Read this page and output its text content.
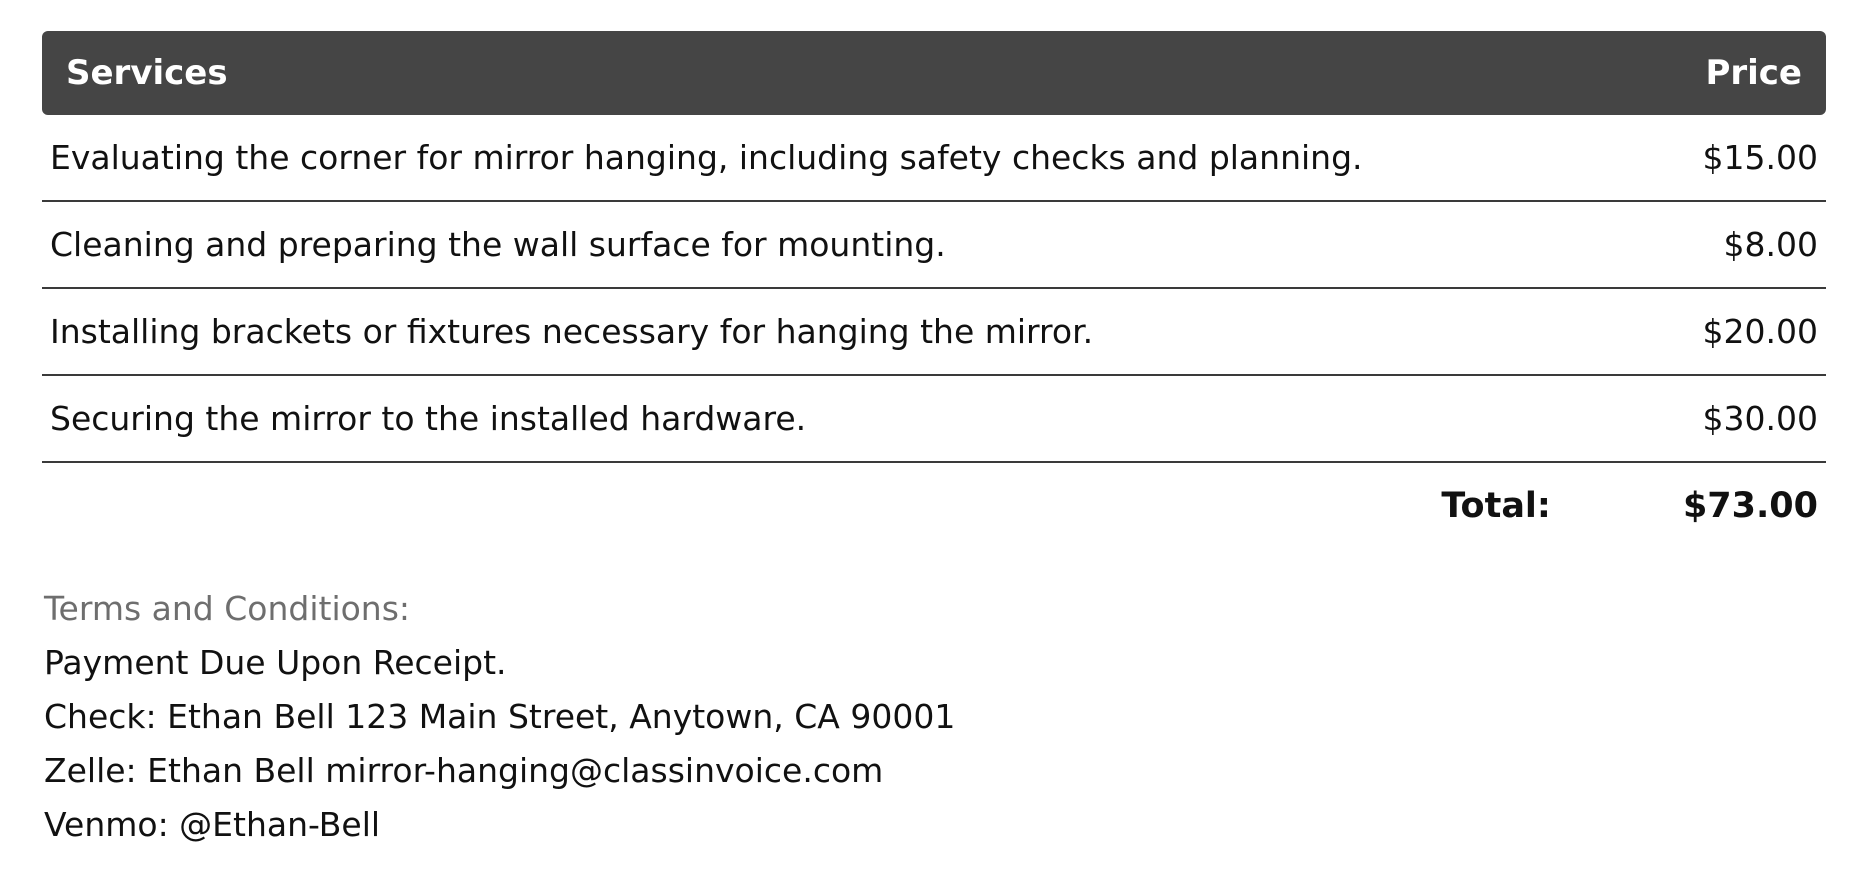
Services	Price
Evaluating the corner for mirror hanging, including safety checks and planning.	$15.00
Cleaning and preparing the wall surface for mounting.	$8.00
Installing brackets or fixtures necessary for hanging the mirror.	$20.00
Securing the mirror to the installed hardware.	$30.00
Total:	$73.00
Terms and Conditions:
Payment Due Upon Receipt.
Check: Ethan Bell 123 Main Street, Anytown, CA 90001
Zelle: Ethan Bell mirror-hanging@classinvoice.com
Venmo: @Ethan-Bell
